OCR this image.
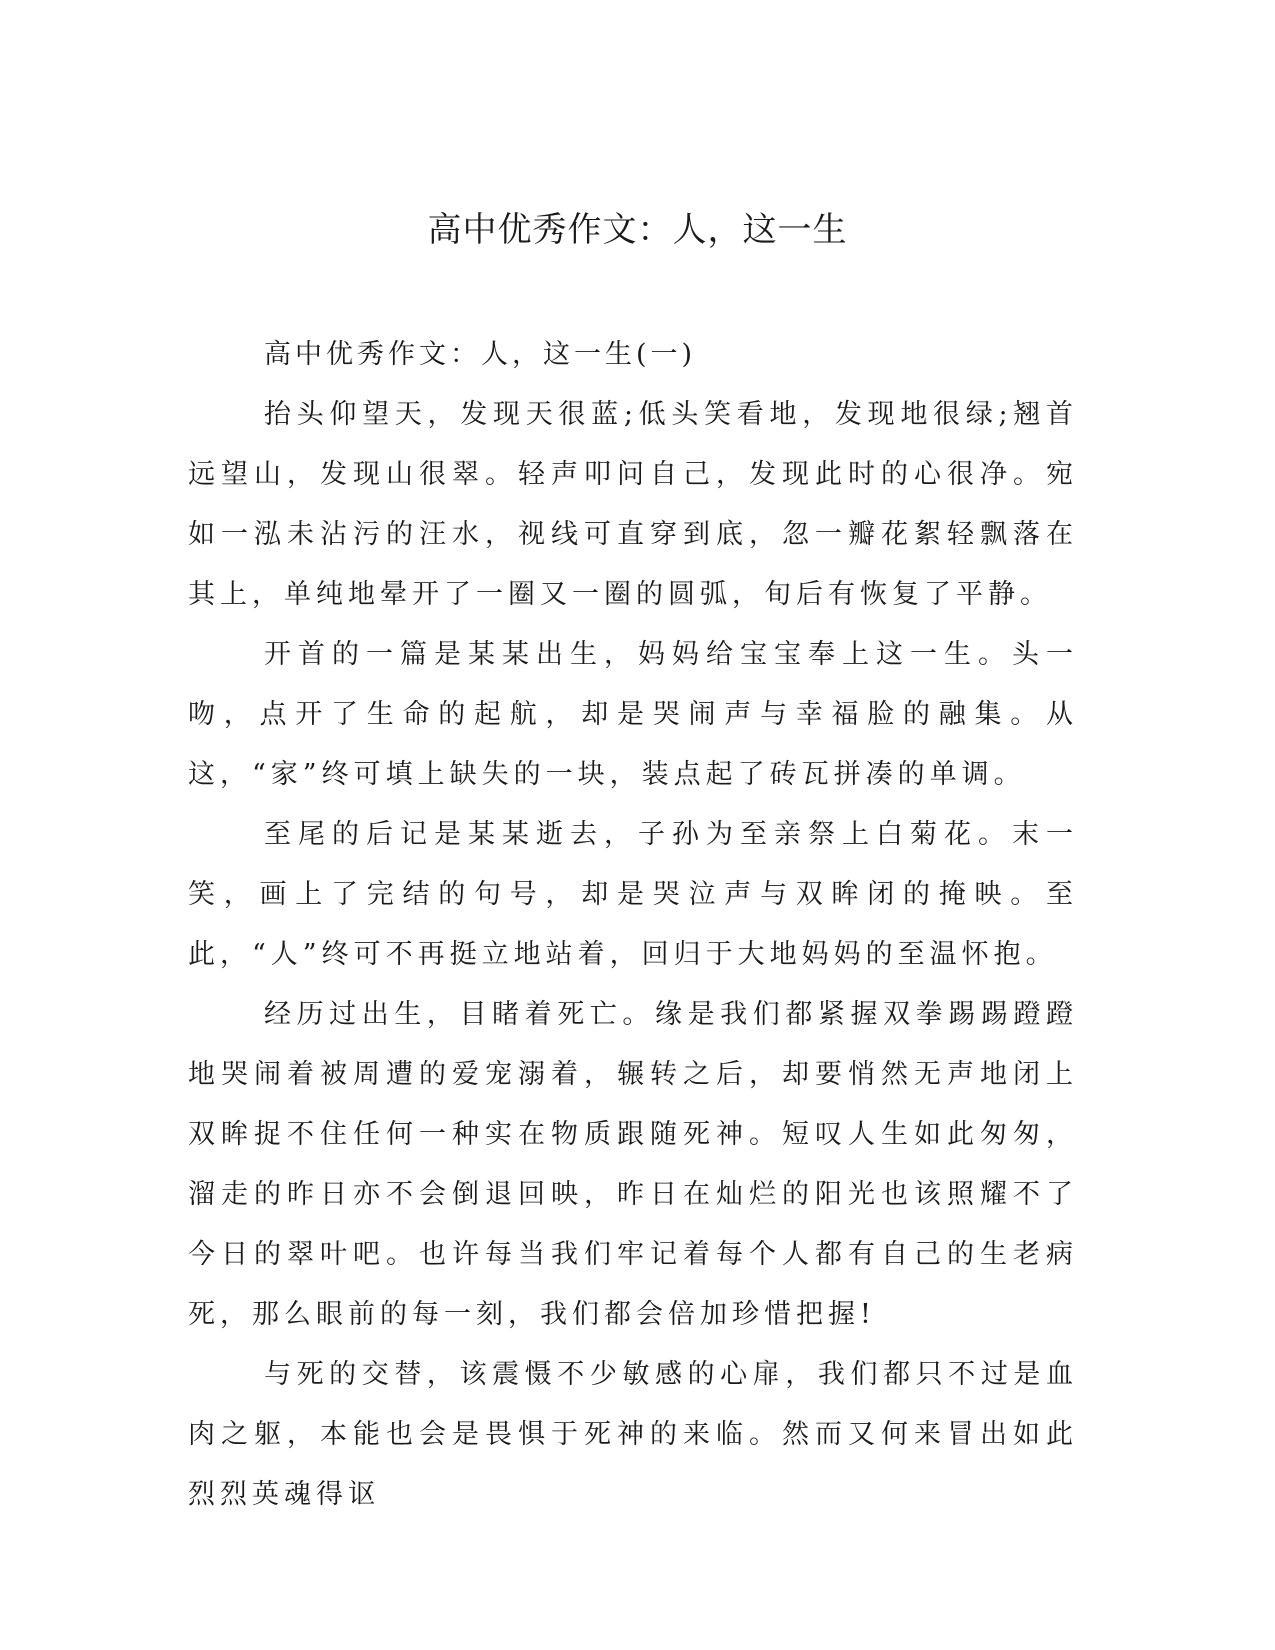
高中优秀作文：人，这一生

高中优秀作文：人，这一生(一)

抬头仰望天，发现天很蓝;低头笑看地，发现地很绿;翘首远望山，发现山很翠。轻声叩问自己，发现此时的心很净。宛如一泓未沾污的汪水，视线可直穿到底，忽一瓣花絮轻飘落在其上，单纯地晕开了一圈又一圈的圆弧，旬后有恢复了平静。

开首的一篇是某某出生，妈妈给宝宝奉上这一生。头一吻，点开了生命的起航，却是哭闹声与幸福脸的融集。从这，“家”终可填上缺失的一块，装点起了砖瓦拼凑的单调。

至尾的后记是某某逝去，子孙为至亲祭上白菊花。末一笑，画上了完结的句号，却是哭泣声与双眸闭的掩映。至此，“人”终可不再挺立地站着，回归于大地妈妈的至温怀抱。

经历过出生，目睹着死亡。缘是我们都紧握双拳踢踢蹬蹬地哭闹着被周遭的爱宠溺着，辗转之后，却要悄然无声地闭上双眸捉不住任何一种实在物质跟随死神。短叹人生如此匆匆，溜走的昨日亦不会倒退回映，昨日在灿烂的阳光也该照耀不了今日的翠叶吧。也许每当我们牢记着每个人都有自己的生老病死，那么眼前的每一刻，我们都会倍加珍惜把握!

与死的交替，该震慑不少敏感的心扉，我们都只不过是血肉之躯，本能也会是畏惧于死神的来临。然而又何来冒出如此烈烈英魂得讴
